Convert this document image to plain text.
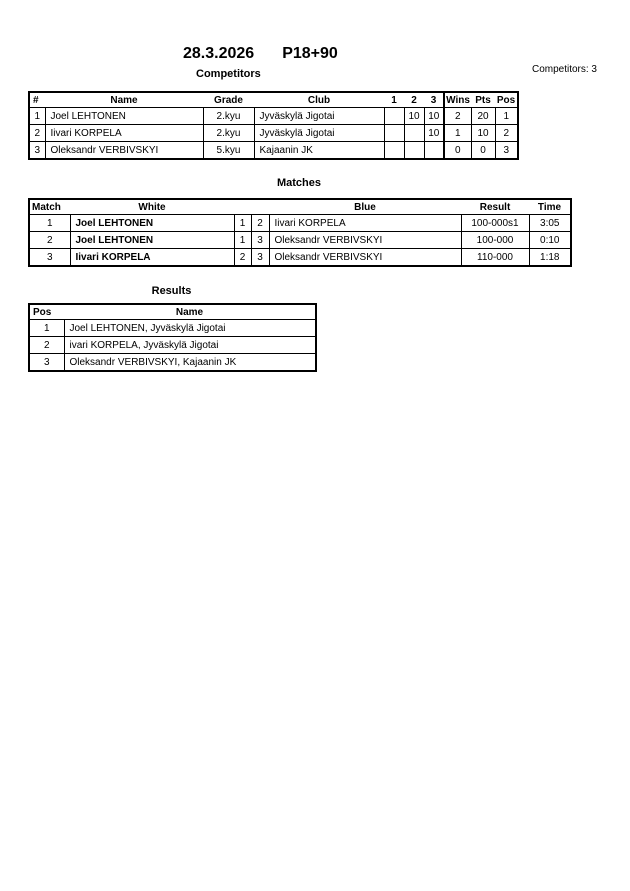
28.3.2026 P18+90
Competitors: 3
Competitors
#	Name	Grade	Club	1	2	3	Wins	Pts	Pos
1	Joel LEHTONEN	2.kyu	Jyväskylä Jigotai		10	10	2	20	1
2	Iivari KORPELA	2.kyu	Jyväskylä Jigotai			10	1	10	2
3	Oleksandr VERBIVSKYI	5.kyu	Kajaanin JK				0	0	3
Matches
Match	White			Blue	Result	Time
1	Joel LEHTONEN	1	2	Iivari KORPELA	100-000s1	3:05
2	Joel LEHTONEN	1	3	Oleksandr VERBIVSKYI	100-000	0:10
3	Iivari KORPELA	2	3	Oleksandr VERBIVSKYI	110-000	1:18
Results
Pos	Name
1	Joel LEHTONEN, Jyväskylä Jigotai
2	ivari KORPELA, Jyväskylä Jigotai
3	Oleksandr VERBIVSKYI, Kajaanin JK
